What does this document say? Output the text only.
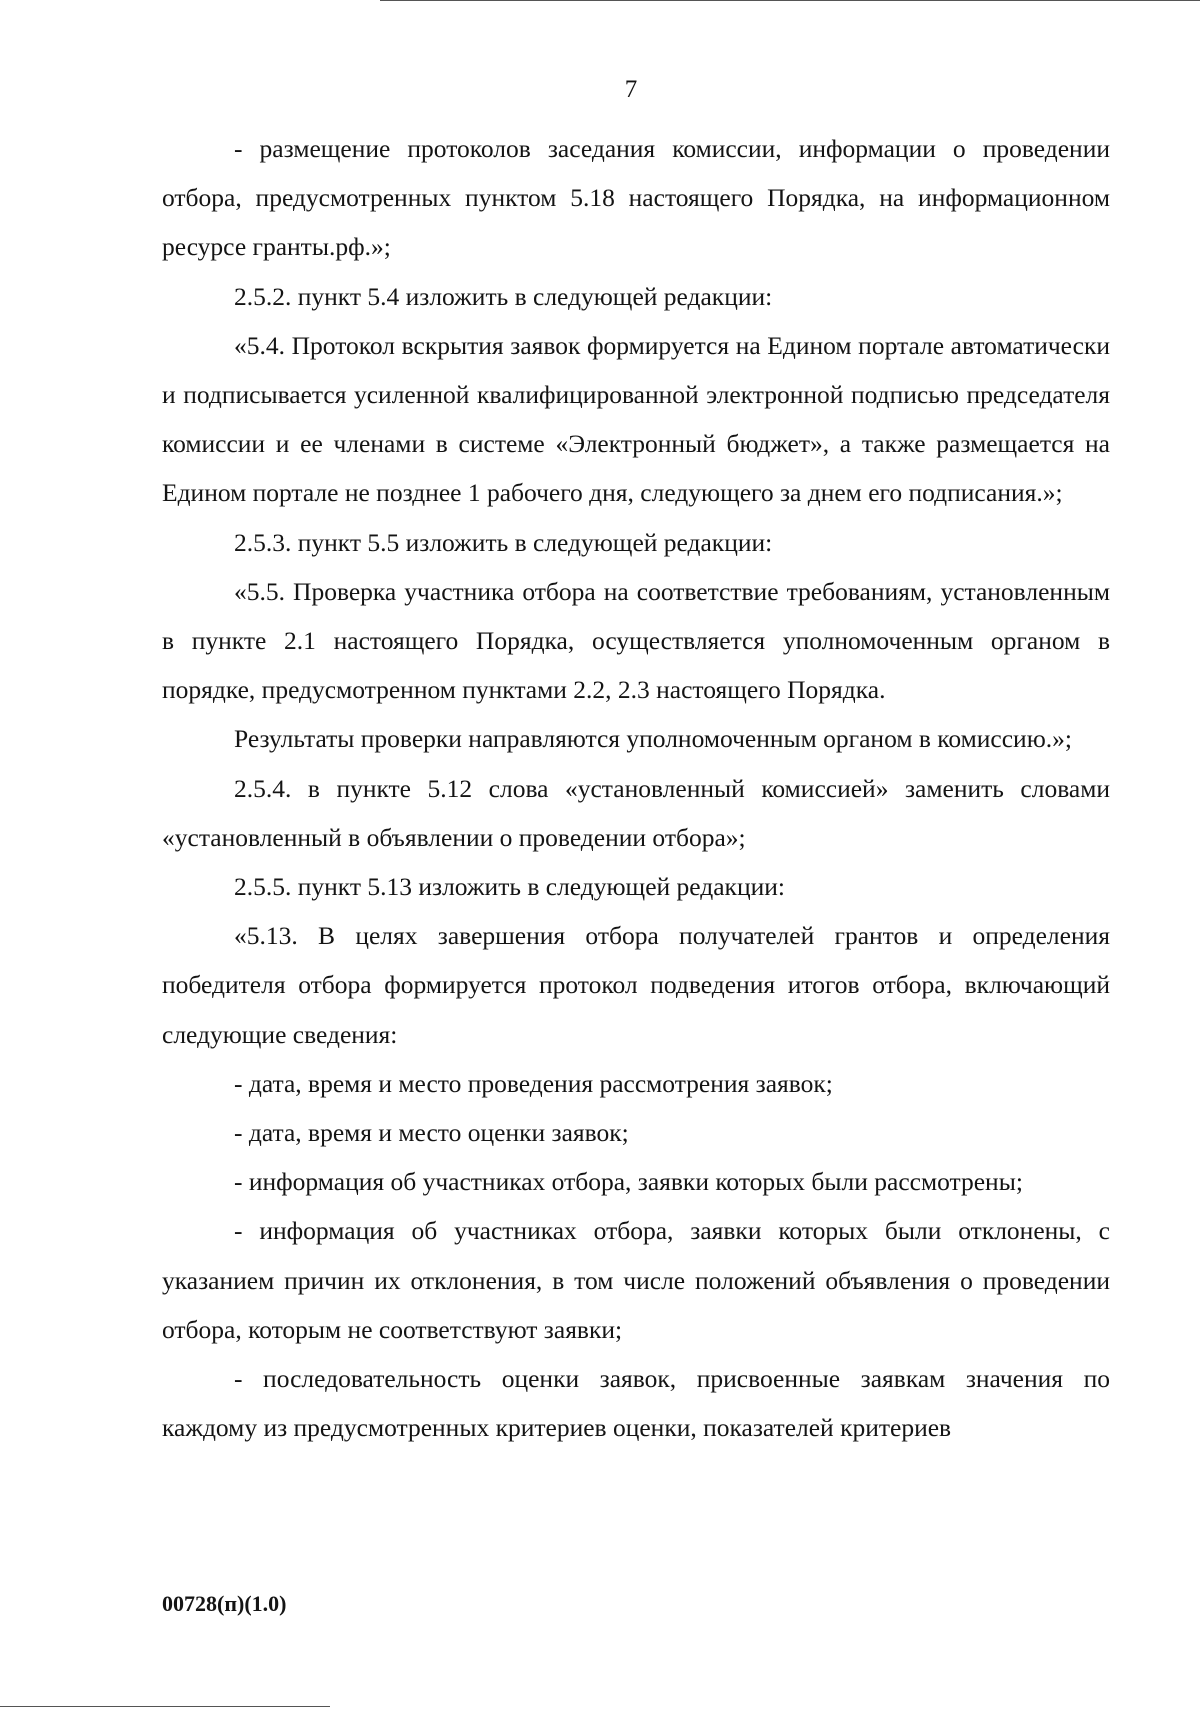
7

- размещение протоколов заседания комиссии, информации о проведении отбора, предусмотренных пунктом 5.18 настоящего Порядка, на информационном ресурсе гранты.рф.»;

2.5.2. пункт 5.4 изложить в следующей редакции:

«5.4. Протокол вскрытия заявок формируется на Едином портале автоматически и подписывается усиленной квалифицированной электронной подписью председателя комиссии и ее членами в системе «Электронный бюджет», а также размещается на Едином портале не позднее 1 рабочего дня, следующего за днем его подписания.»;

2.5.3. пункт 5.5 изложить в следующей редакции:

«5.5. Проверка участника отбора на соответствие требованиям, установленным в пункте 2.1 настоящего Порядка, осуществляется уполномоченным органом в порядке, предусмотренном пунктами 2.2, 2.3 настоящего Порядка.

Результаты проверки направляются уполномоченным органом в комиссию.»;

2.5.4. в пункте 5.12 слова «установленный комиссией» заменить словами «установленный в объявлении о проведении отбора»;

2.5.5. пункт 5.13 изложить в следующей редакции:

«5.13. В целях завершения отбора получателей грантов и определения победителя отбора формируется протокол подведения итогов отбора, включающий следующие сведения:

- дата, время и место проведения рассмотрения заявок;

- дата, время и место оценки заявок;

- информация об участниках отбора, заявки которых были рассмотрены;

- информация об участниках отбора, заявки которых были отклонены, с указанием причин их отклонения, в том числе положений объявления о проведении отбора, которым не соответствуют заявки;

- последовательность оценки заявок, присвоенные заявкам значения по каждому из предусмотренных критериев оценки, показателей критериев

00728(п)(1.0)
